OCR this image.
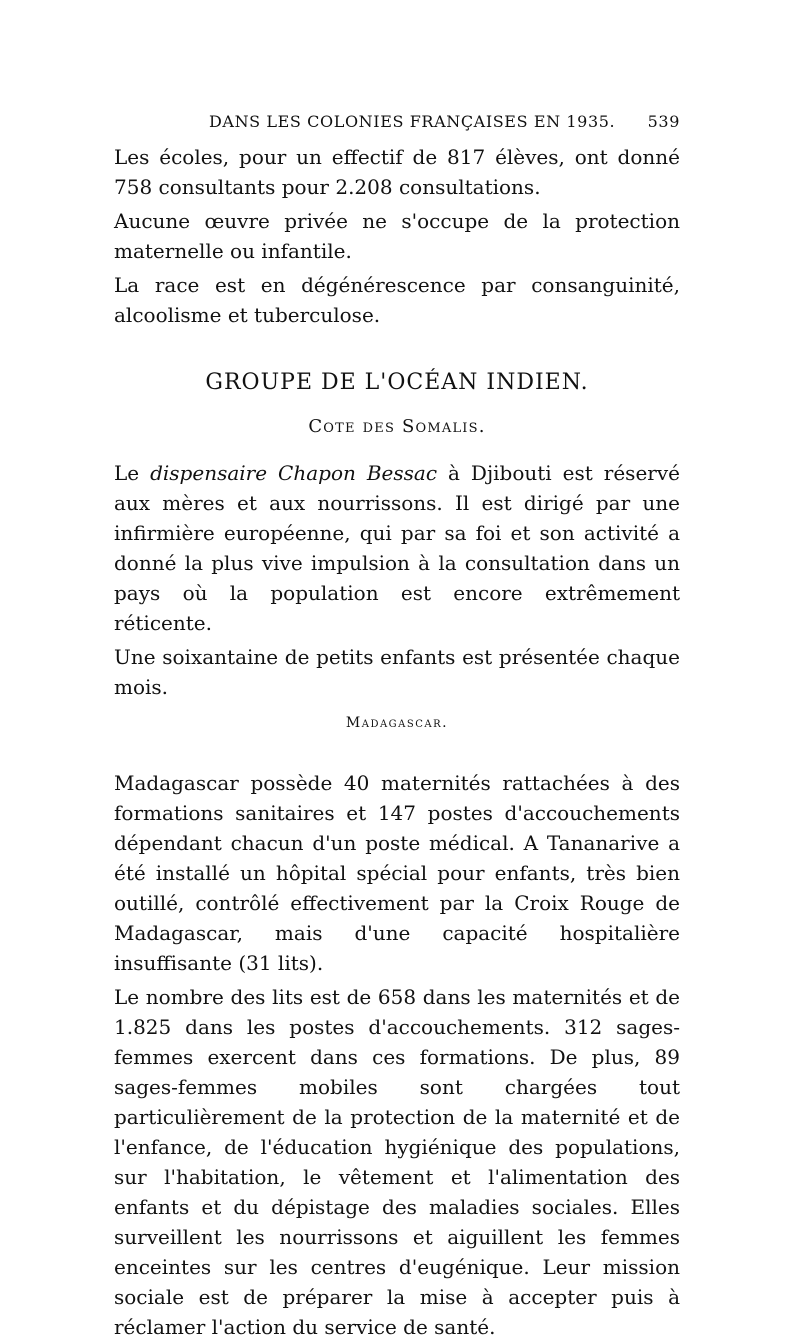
DANS LES COLONIES FRANÇAISES EN 1935. 539

Les écoles, pour un effectif de 817 élèves, ont donné 758 consultants pour 2.208 consultations.

Aucune œuvre privée ne s'occupe de la protection maternelle ou infantile.

La race est en dégénérescence par consanguinité, alcoolisme et tuberculose.

GROUPE DE L'OCÉAN INDIEN.
Cote des Somalis.

Le dispensaire Chapon Bessac à Djibouti est réservé aux mères et aux nourrissons. Il est dirigé par une infirmière européenne, qui par sa foi et son activité a donné la plus vive impulsion à la consultation dans un pays où la population est encore extrêmement réticente.

Une soixantaine de petits enfants est présentée chaque mois.

Madagascar.

Madagascar possède 40 maternités rattachées à des formations sanitaires et 147 postes d'accouchements dépendant chacun d'un poste médical. A Tananarive a été installé un hôpital spécial pour enfants, très bien outillé, contrôlé effectivement par la Croix Rouge de Madagascar, mais d'une capacité hospitalière insuffisante (31 lits).

Le nombre des lits est de 658 dans les maternités et de 1.825 dans les postes d'accouchements. 312 sages-femmes exercent dans ces formations. De plus, 89 sages-femmes mobiles sont chargées tout particulièrement de la protection de la maternité et de l'enfance, de l'éducation hygiénique des populations, sur l'habitation, le vêtement et l'alimentation des enfants et du dépistage des maladies sociales. Elles surveillent les nourrissons et aiguillent les femmes enceintes sur les centres d'eugénique. Leur mission sociale est de préparer la mise à accepter puis à réclamer l'action du service de santé.
